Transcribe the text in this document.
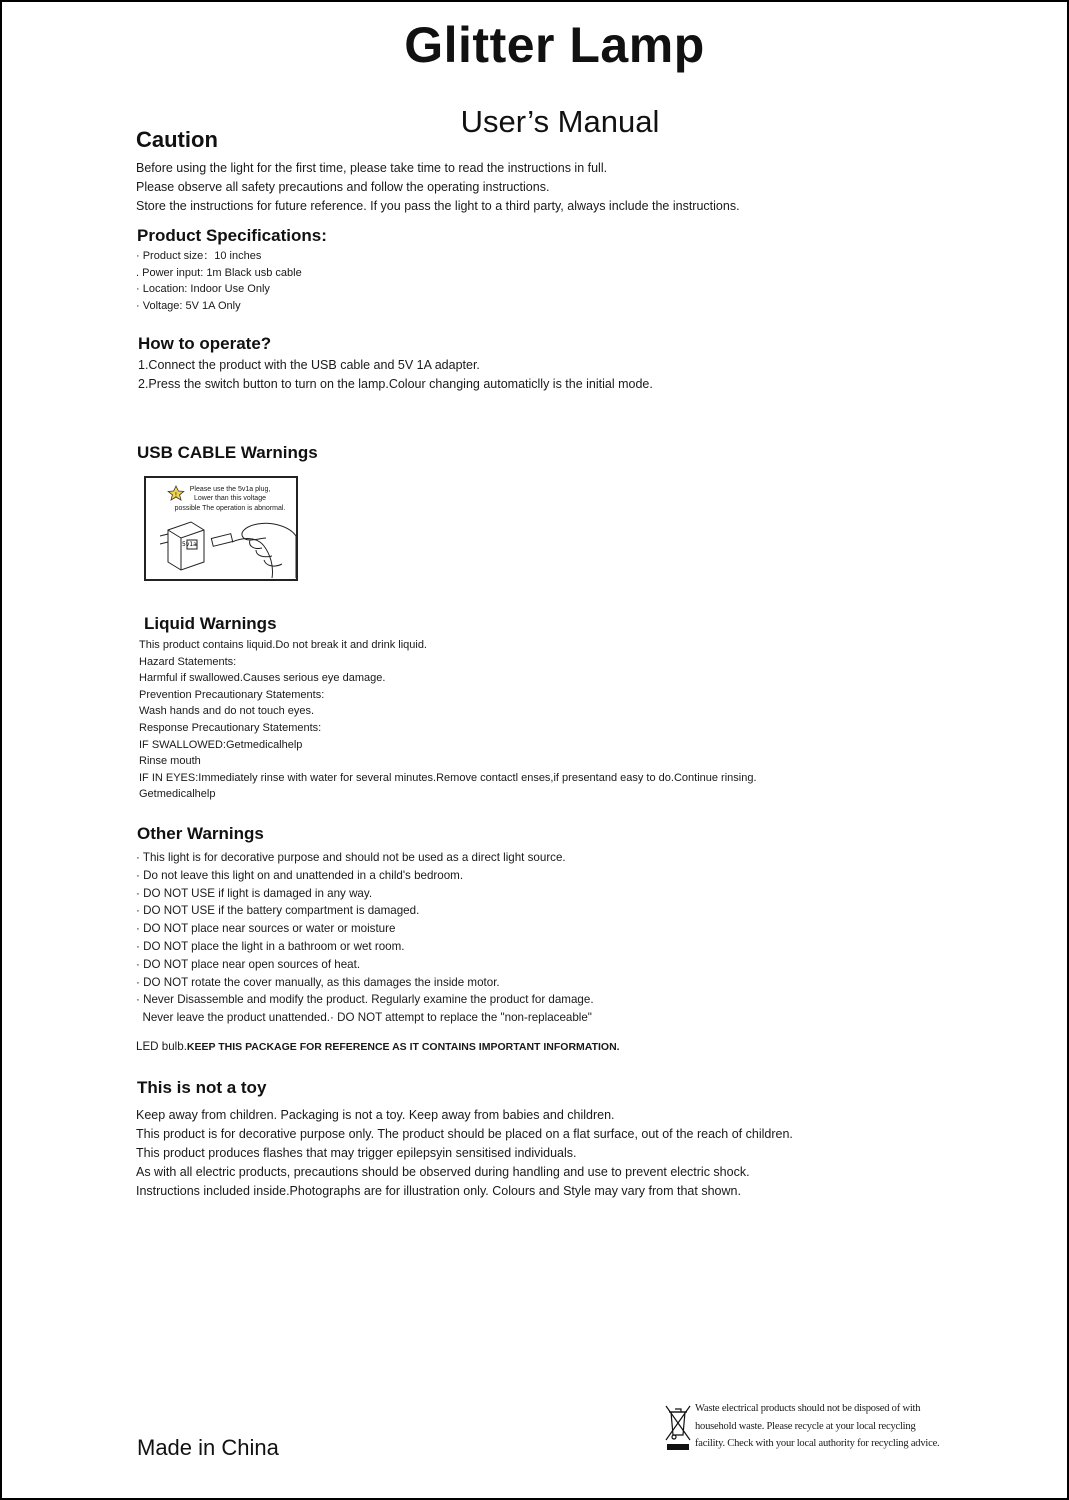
Glitter Lamp
User’s Manual
Caution

Before using the light for the first time, please take time to read the instructions in full.

Please observe all safety precautions and follow the operating instructions.

Store the instructions for future reference. If you pass the light to a third party, always include the instructions.

Product Specifications:

· Product size：10 inches

. Power input: 1m Black usb cable

· Location: Indoor Use Only

· Voltage: 5V 1A Only

How to operate?

1.Connect the product with the USB cable and 5V 1A adapter.

2.Press the switch button to turn on the lamp.Colour changing automaticlly is the initial mode.

USB CABLE Warnings
!
5v1a
Please use the 5v1a plug,
Lower than this voltage
possible The operation is abnormal.
Liquid Warnings

This product contains liquid.Do not break it and drink liquid.

Hazard Statements:

Harmful if swallowed.Causes serious eye damage.

Prevention Precautionary Statements:

Wash hands and do not touch eyes.

Response Precautionary Statements:

IF SWALLOWED:Getmedicalhelp

Rinse mouth

IF IN EYES:Immediately rinse with water for several minutes.Remove contactl enses,if presentand easy to do.Continue rinsing.

Getmedicalhelp

Other Warnings

· This light is for decorative purpose and should not be used as a direct light source.

· Do not leave this light on and unattended in a child's bedroom.

· DO NOT USE if light is damaged in any way.

· DO NOT USE if the battery compartment is damaged.

· DO NOT place near sources or water or moisture

· DO NOT place the light in a bathroom or wet room.

· DO NOT place near open sources of heat.

· DO NOT rotate the cover manually, as this damages the inside motor.

· Never Disassemble and modify the product. Regularly examine the product for damage.

Never leave the product unattended.· DO NOT attempt to replace the "non-replaceable"

LED bulb.KEEP THIS PACKAGE FOR REFERENCE AS IT CONTAINS IMPORTANT INFORMATION.
This is not a toy

Keep away from children. Packaging is not a toy. Keep away from babies and children.

This product is for decorative purpose only. The product should be placed on a flat surface, out of the reach of children.

This product produces flashes that may trigger epilepsyin sensitised individuals.

As with all electric products, precautions should be observed during handling and use to prevent electric shock.

Instructions included inside.Photographs are for illustration only. Colours and Style may vary from that shown.

Made in China

Waste electrical products should not be disposed of with

household waste. Please recycle at your local recycling

facility. Check with your local authority for recycling advice.
